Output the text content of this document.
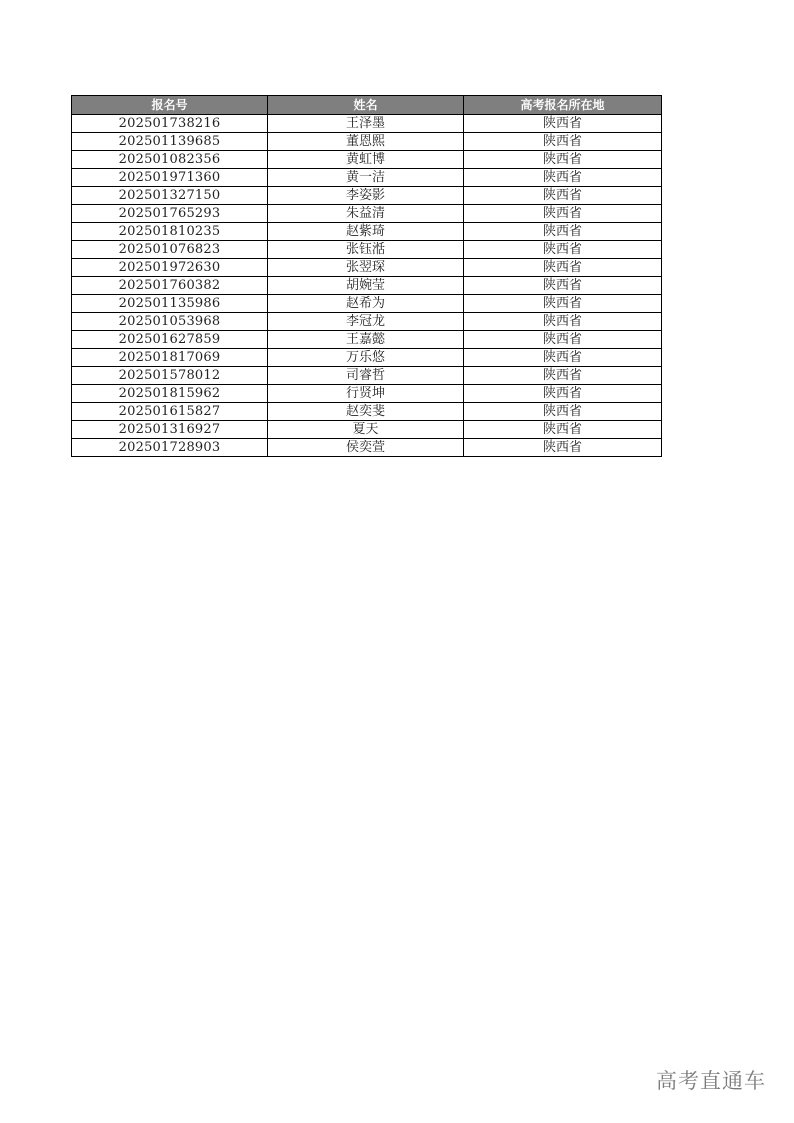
报名号	姓名	高考报名所在地
202501738216	王泽墨	陕西省
202501139685	董恩熙	陕西省
202501082356	黄虹博	陕西省
202501971360	黄一洁	陕西省
202501327150	李姿影	陕西省
202501765293	朱益清	陕西省
202501810235	赵紫琦	陕西省
202501076823	张钰湉	陕西省
202501972630	张翌琛	陕西省
202501760382	胡婉莹	陕西省
202501135986	赵希为	陕西省
202501053968	李冠龙	陕西省
202501627859	王嘉懿	陕西省
202501817069	万乐悠	陕西省
202501578012	司睿哲	陕西省
202501815962	行贤坤	陕西省
202501615827	赵奕斐	陕西省
202501316927	夏天	陕西省
202501728903	侯奕萱	陕西省
高考直通车
